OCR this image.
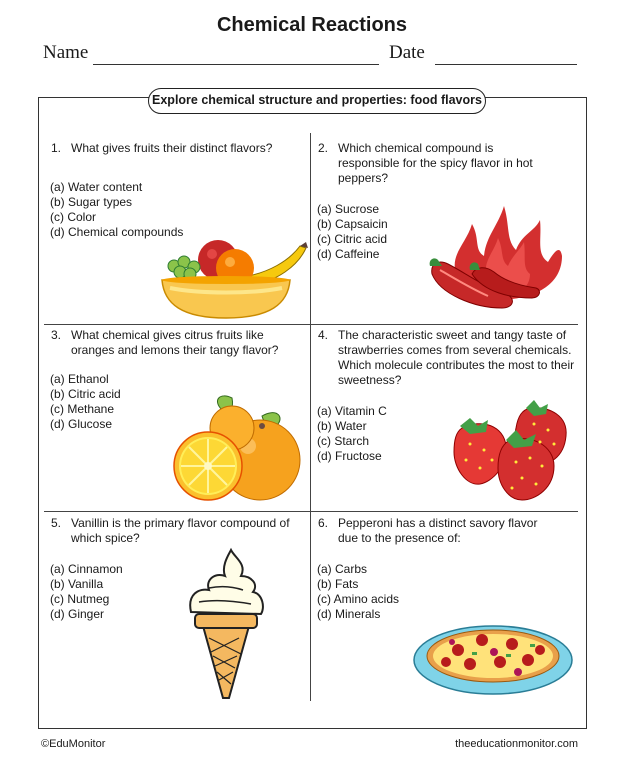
Chemical Reactions
Name	Date
Explore chemical structure and properties: food flavors
1. What gives fruits their distinct flavors?
(a) Water content
(b) Sugar types
(c) Color
(d) Chemical compounds
2. Which chemical compound is responsible for the spicy flavor in hot peppers?
(a) Sucrose
(b) Capsaicin
(c) Citric acid
(d) Caffeine
3. What chemical gives citrus fruits like oranges and lemons their tangy flavor?
(a) Ethanol
(b) Citric acid
(c) Methane
(d) Glucose
4. The characteristic sweet and tangy taste of strawberries comes from several chemicals. Which molecule contributes the most to their sweetness?
(a) Vitamin C
(b) Water
(c) Starch
(d) Fructose
5. Vanillin is the primary flavor compound of which spice?
(a) Cinnamon
(b) Vanilla
(c) Nutmeg
(d) Ginger
6. Pepperoni has a distinct savory flavor due to the presence of:
(a) Carbs
(b) Fats
(c) Amino acids
(d) Minerals
©EduMonitor	theeducationmonitor.com
